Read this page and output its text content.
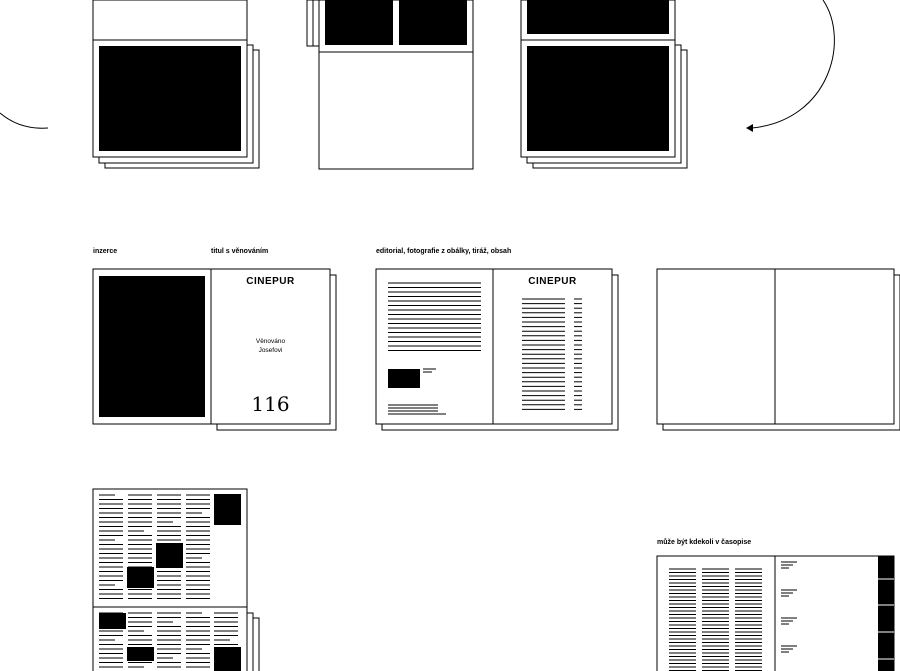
inzerce	titul s věnováním	editorial, fotografie z obálky, tiráž, obsah
může být kdekoli v časopise
CINEPUR
Věnováno
Josefovi
116
CINEPUR
